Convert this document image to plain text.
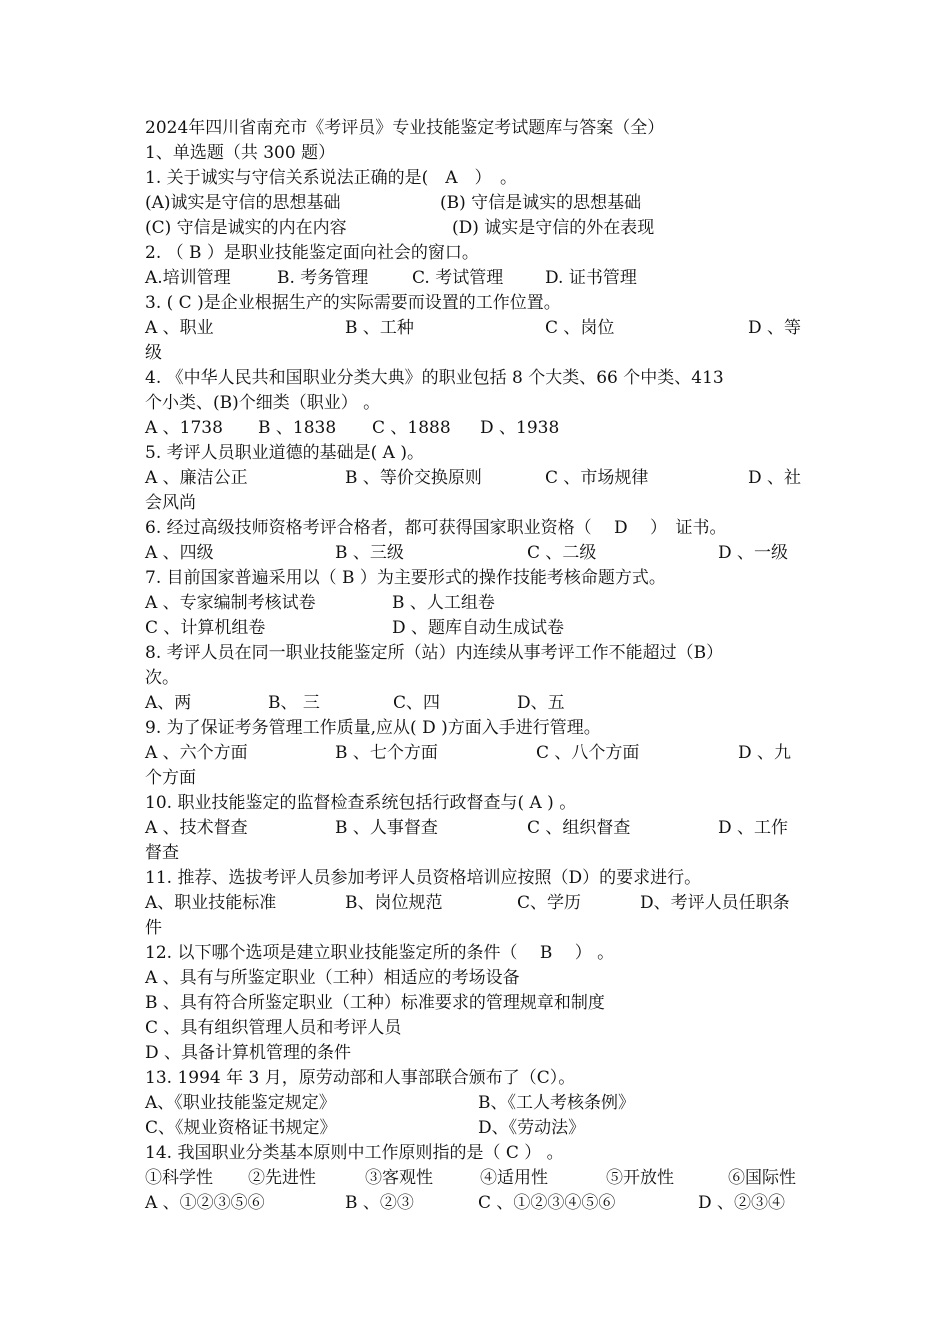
2024年四川省南充市《考评员》专业技能鉴定考试题库与答案（全）
1、单选题（共 300 题）
1. 关于诚实与守信关系说法正确的是(　A　）　。
(A)诚实是守信的思想基础	(B) 守信是诚实的思想基础
(C) 守信是诚实的内在内容	(D) 诚实是守信的外在表现
2. （ B ）是职业技能鉴定面向社会的窗口。
A.培训管理	B. 考务管理	C. 考试管理 D. 证书管理
3. ( C )是企业根据生产的实际需要而设置的工作位置。
A 、职业	B 、工种	C 、岗位	D 、等
级
4. 《中华人民共和国职业分类大典》的职业包括 8 个大类、66 个中类、413
个小类、(B)个细类（职业） 。
A 、1738 B 、1838 C 、1888 D 、1938
5. 考评人员职业道德的基础是( A )。
A 、廉洁公正	B 、等价交换原则	C 、市场规律	D 、社
会风尚
6. 经过高级技师资格考评合格者，都可获得国家职业资格（　 D　 ）　证书。
A 、四级	B 、三级	C 、二级	D 、一级
7. 目前国家普遍采用以（ B ）为主要形式的操作技能考核命题方式。
A 、专家编制考核试卷	B 、人工组卷
C 、计算机组卷	D 、题库自动生成试卷
8. 考评人员在同一职业技能鉴定所（站）内连续从事考评工作不能超过（B）
次。
A、两	B、 三	C、四	D、五
9. 为了保证考务管理工作质量,应从( D )方面入手进行管理。
A 、六个方面	B 、七个方面	C 、八个方面	D 、九
个方面
10. 职业技能鉴定的监督检查系统包括行政督查与( A ) 。
A 、技术督查	B 、人事督查	C 、组织督查	D 、工作
督查
11. 推荐、选拔考评人员参加考评人员资格培训应按照（D）的要求进行。
A、职业技能标准	B、岗位规范	C、学历	D、考评人员任职条
件
12. 以下哪个选项是建立职业技能鉴定所的条件（　 B　 ） 。
A 、具有与所鉴定职业（工种）相适应的考场设备
B 、具有符合所鉴定职业（工种）标准要求的管理规章和制度
C 、具有组织管理人员和考评人员
D 、具备计算机管理的条件
13. 1994 年 3 月，原劳动部和人事部联合颁布了（C）。
A、《职业技能鉴定规定》	B、《工人考核条例》
C、《规业资格证书规定》	D、《劳动法》
14. 我国职业分类基本原则中工作原则指的是（ C ） 。
①科学性 ②先进性	③客观性	④适用性	⑤开放性	⑥国际性
A 、①②③⑤⑥	B 、②③	C 、①②③④⑤⑥	D 、②③④
